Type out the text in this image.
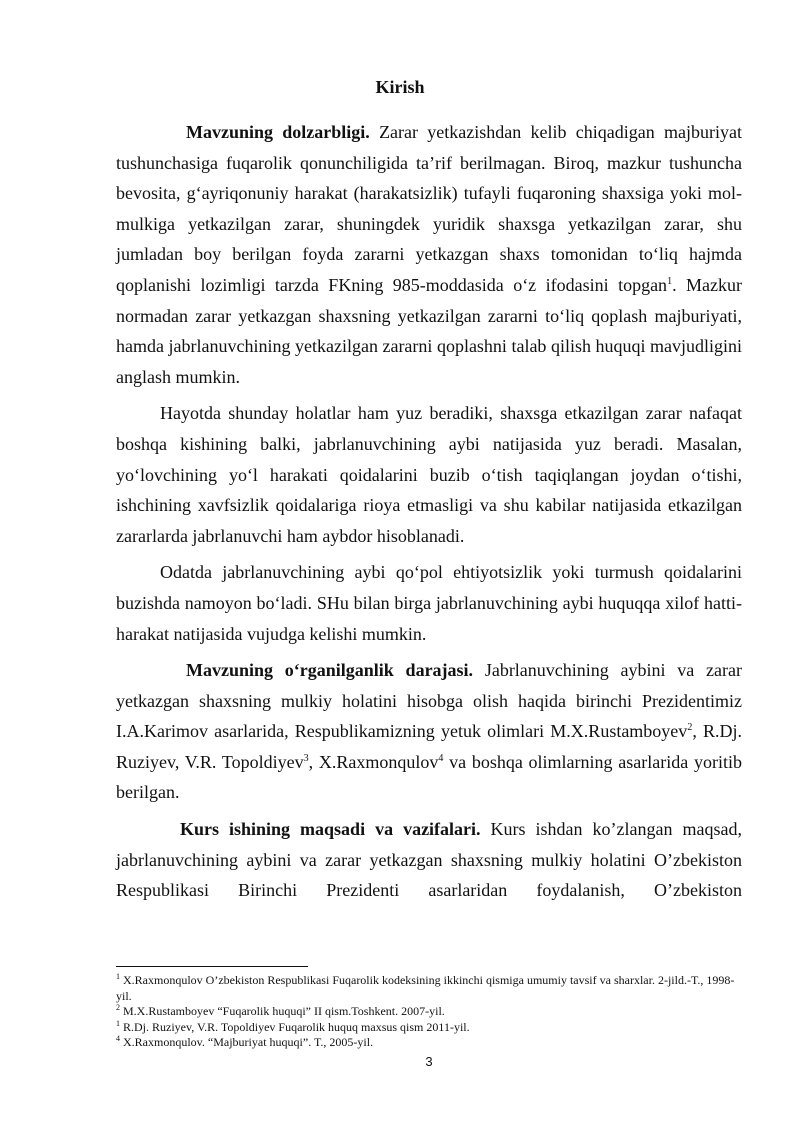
Kirish

Mavzuning dolzarbligi. Zarar yetkazishdan kelib chiqadigan majburiyat tushunchasiga fuqarolik qonunchiligida ta’rif berilmagan. Biroq, mazkur tushuncha bevosita, g‘ayriqonuniy harakat (harakatsizlik) tufayli fuqaroning shaxsiga yoki mol-mulkiga yetkazilgan zarar, shuningdek yuridik shaxsga yetkazilgan zarar, shu jumladan boy berilgan foyda zararni yetkazgan shaxs tomonidan to‘liq hajmda qoplanishi lozimligi tarzda FKning 985-moddasida o‘z ifodasini topgan$^1$. Mazkur normadan zarar yetkazgan shaxsning yetkazilgan zararni to‘liq qoplash majburiyati, hamda jabrlanuvchining yetkazilgan zararni qoplashni talab qilish huquqi mavjudligini anglash mumkin.

Hayotda shunday holatlar ham yuz beradiki, shaxsga etkazilgan zarar nafaqat boshqa kishining balki, jabrlanuvchining aybi natijasida yuz beradi. Masalan, yo‘lovchining yo‘l harakati qoidalarini buzib o‘tish taqiqlangan joydan o‘tishi, ishchining xavfsizlik qoidalariga rioya etmasligi va shu kabilar natijasida etkazilgan zararlarda jabrlanuvchi ham aybdor hisoblanadi.

Odatda jabrlanuvchining aybi qo‘pol ehtiyotsizlik yoki turmush qoidalarini buzishda namoyon bo‘ladi. SHu bilan birga jabrlanuvchining aybi huquqqa xilof hatti-harakat natijasida vujudga kelishi mumkin.

Mavzuning o‘rganilganlik darajasi. Jabrlanuvchining aybini va zarar yetkazgan shaxsning mulkiy holatini hisobga olish haqida birinchi Prezidentimiz I.A.Karimov asarlarida, Respublikamizning yetuk olimlari M.X.Rustamboyev$^2$, R.Dj. Ruziyev, V.R. Topoldiyev$^3$, X.Raxmonqulov$^4$ va boshqa olimlarning asarlarida yoritib berilgan.

Kurs ishining maqsadi va vazifalari. Kurs ishdan ko’zlangan maqsad, jabrlanuvchining aybini va zarar yetkazgan shaxsning mulkiy holatini O’zbekiston Respublikasi Birinchi Prezidenti asarlaridan foydalanish, O’zbekiston

$^1$ X.Raxmonqulov O’zbekiston Respublikasi Fuqarolik kodeksining ikkinchi qismiga umumiy tavsif va sharxlar. 2-jild.-T., 1998-yil.
$^2$ M.X.Rustamboyev “Fuqarolik huquqi” II qism.Toshkent. 2007-yil.
$^1$ R.Dj. Ruziyev, V.R. Topoldiyev Fuqarolik huquq maxsus qism 2011-yil.
$^4$ X.Raxmonqulov. “Majburiyat huquqi”. T., 2005-yil.
3
